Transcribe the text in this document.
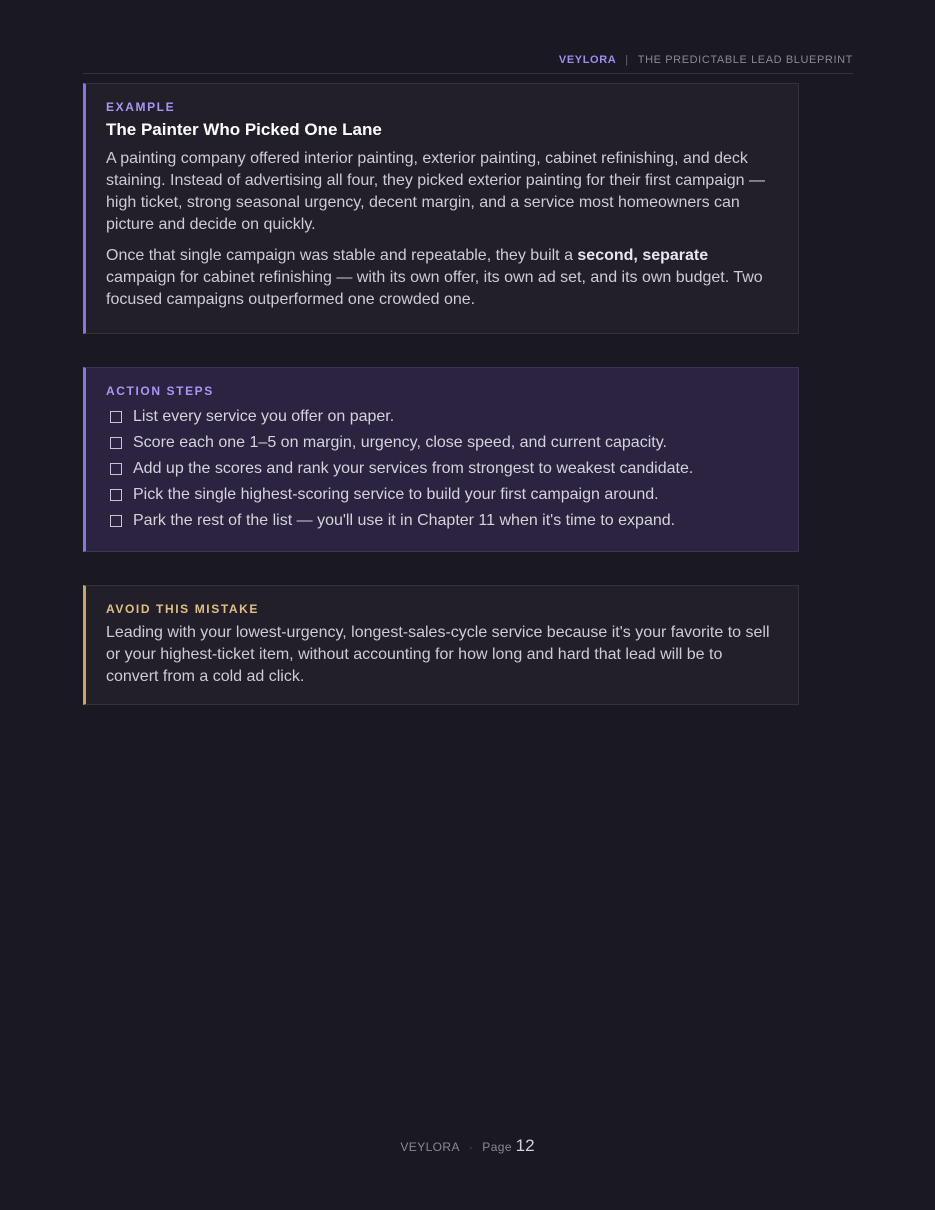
VEYLORA | THE PREDICTABLE LEAD BLUEPRINT
EXAMPLE
The Painter Who Picked One Lane

A painting company offered interior painting, exterior painting, cabinet refinishing, and deck staining. Instead of advertising all four, they picked exterior painting for their first campaign — high ticket, strong seasonal urgency, decent margin, and a service most homeowners can picture and decide on quickly.

Once that single campaign was stable and repeatable, they built a second, separate campaign for cabinet refinishing — with its own offer, its own ad set, and its own budget. Two focused campaigns outperformed one crowded one.

ACTION STEPS
List every service you offer on paper.
Score each one 1–5 on margin, urgency, close speed, and current capacity.
Add up the scores and rank your services from strongest to weakest candidate.
Pick the single highest-scoring service to build your first campaign around.
Park the rest of the list — you'll use it in Chapter 11 when it's time to expand.
AVOID THIS MISTAKE

Leading with your lowest-urgency, longest-sales-cycle service because it's your favorite to sell or your highest-ticket item, without accounting for how long and hard that lead will be to convert from a cold ad click.

VEYLORA · Page 12
